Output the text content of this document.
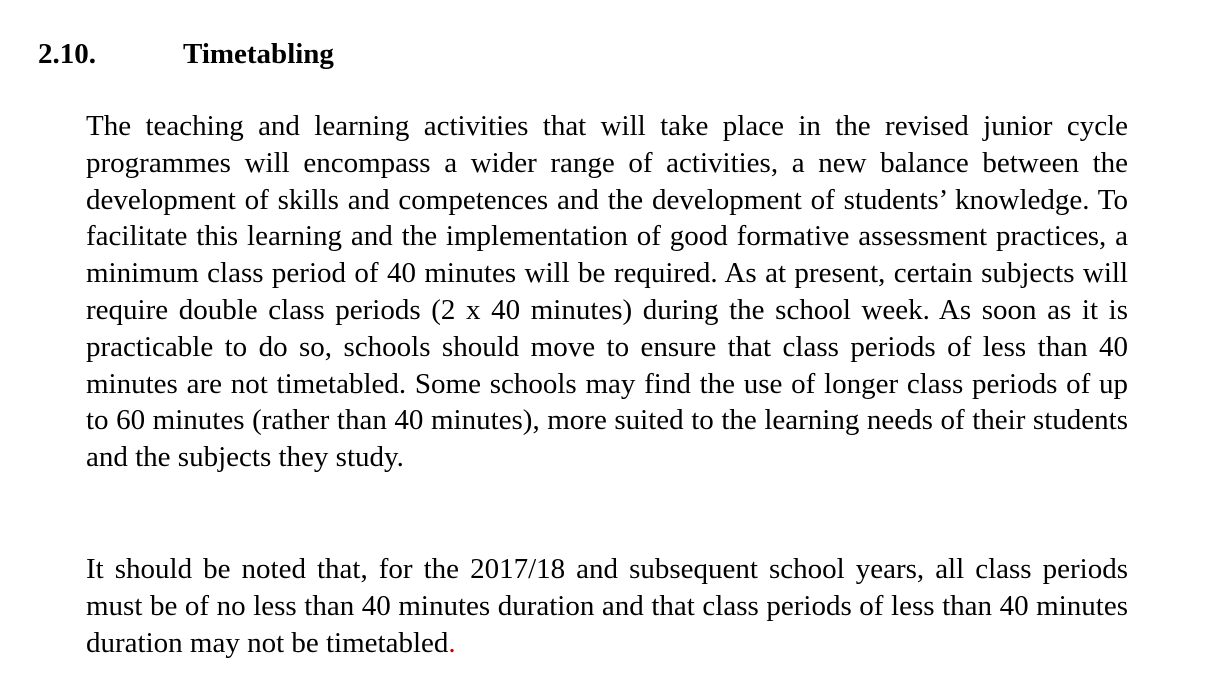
2.10.	Timetabling

The teaching and learning activities that will take place in the revised junior cycle programmes will encompass a wider range of activities, a new balance between the development of skills and competences and the development of students’ knowledge. To facilitate this learning and the implementation of good formative assessment practices, a minimum class period of 40 minutes will be required. As at present, certain subjects will require double class periods (2 x 40 minutes) during the school week. As soon as it is practicable to do so, schools should move to ensure that class periods of less than 40 minutes are not timetabled. Some schools may find the use of longer class periods of up to 60 minutes (rather than 40 minutes), more suited to the learning needs of their students and the subjects they study.

It should be noted that, for the 2017/18 and subsequent school years, all class periods must be of no less than 40 minutes duration and that class periods of less than 40 minutes duration may not be timetabled.
